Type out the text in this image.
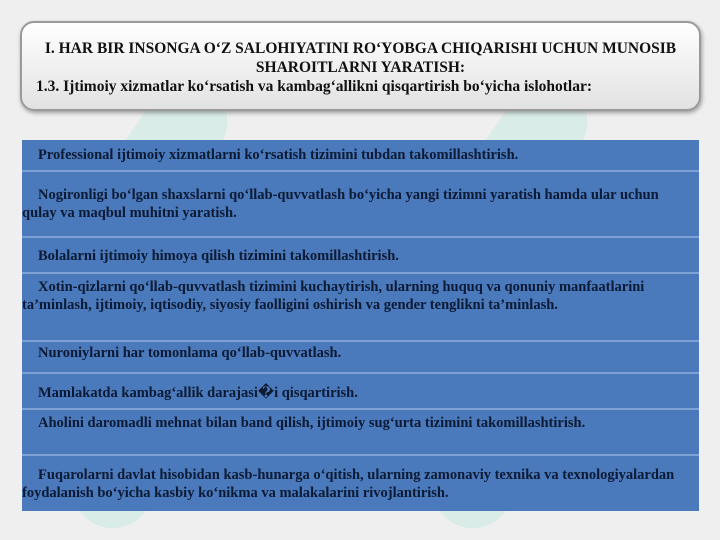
I. HAR BIR INSONGA O‘Z SALOHIYATINI RO‘YOBGA CHIQARISHI UCHUN MUNOSIB SHAROITLARNI YARATISH:
1.3. Ijtimoiy xizmatlar ko‘rsatish va kambag‘allikni qisqartirish bo‘yicha islohotlar:
Professional ijtimoiy xizmatlarni ko‘rsatish tizimini tubdan takomillashtirish.
Nogironligi bo‘lgan shaxslarni qo‘llab-quvvatlash bo‘yicha yangi tizimni yaratish hamda ular uchun qulay va maqbul muhitni yaratish.
Bolalarni ijtimoiy himoya qilish tizimini takomillashtirish.
Xotin-qizlarni qo‘llab-quvvatlash tizimini kuchaytirish, ularning huquq va qonuniy manfaatlarini ta’minlash, ijtimoiy, iqtisodiy, siyosiy faolligini oshirish va gender tenglikni ta’minlash.
Nuroniylarni har tomonlama qo‘llab-quvvatlash.
Mamlakatda kambag‘allik darajasi�i qisqartirish.
Aholini daromadli mehnat bilan band qilish, ijtimoiy sug‘urta tizimini takomillashtirish.
Fuqarolarni davlat hisobidan kasb-hunarga o‘qitish, ularning zamonaviy texnika va texnologiyalardan foydalanish bo‘yicha kasbiy ko‘nikma va malakalarini rivojlantirish.
